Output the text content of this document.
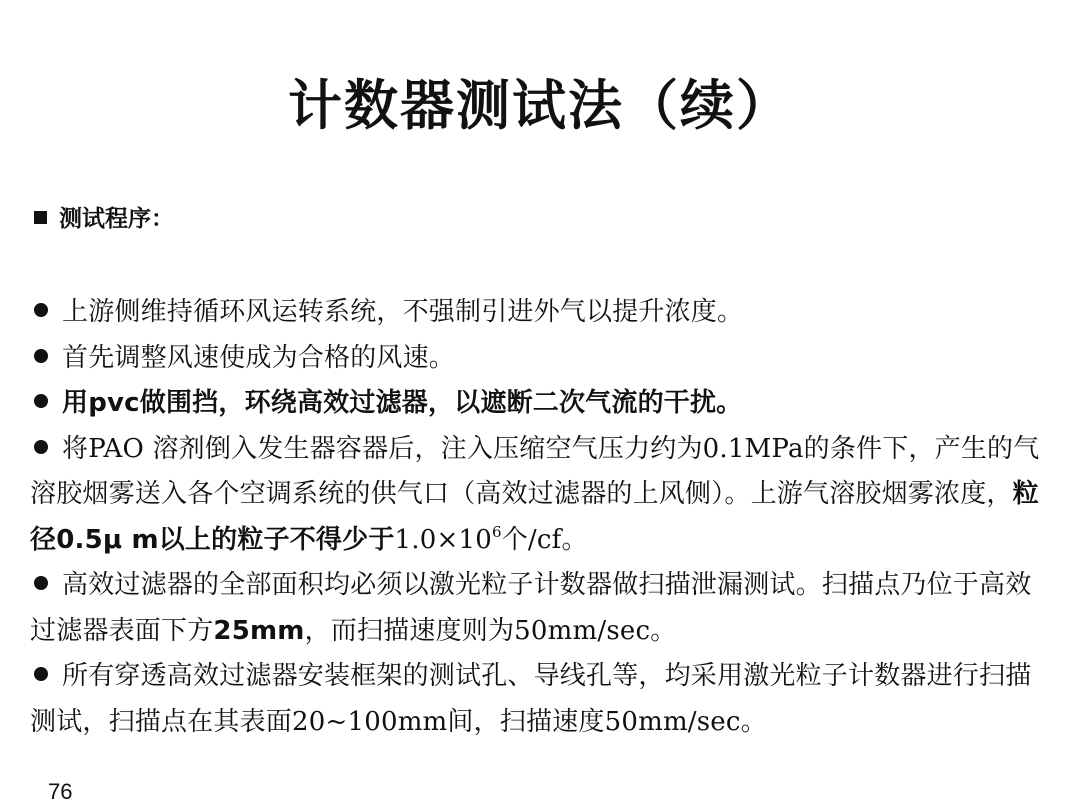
计数器测试法（续）
测试程序：

上游侧维持循环风运转系统，不强制引进外气以提升浓度。

首先调整风速使成为合格的风速。

用pvc做围挡，环绕高效过滤器，以遮断二次气流的干扰。

将PAO 溶剂倒入发生器容器后，注入压缩空气压力约为0.1MPa的条件下，产生的气溶胶烟雾送入各个空调系统的供气口（高效过滤器的上风侧）。上游气溶胶烟雾浓度，粒径0.5μ m以上的粒子不得少于$1.0\times 10^6$个/cf。

高效过滤器的全部面积均必须以激光粒子计数器做扫描泄漏测试。扫描点乃位于高效过滤器表面下方25mm，而扫描速度则为50mm/sec。

所有穿透高效过滤器安装框架的测试孔、导线孔等，均采用激光粒子计数器进行扫描测试，扫描点在其表面20~100mm间，扫描速度50mm/sec。

76
